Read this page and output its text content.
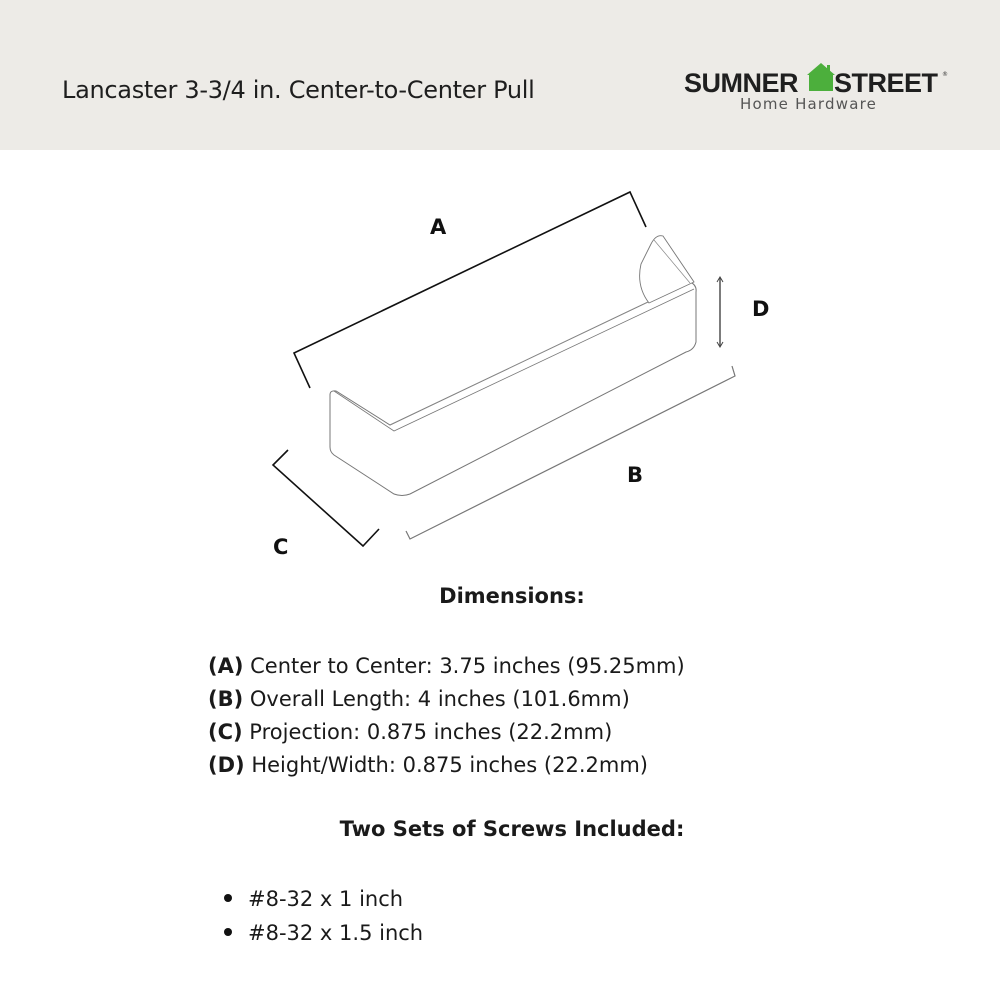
Lancaster 3-3/4 in. Center-to-Center Pull	SUMNER STREET ®
Home Hardware
A
D
B
C
Dimensions:
(A) Center to Center: 3.75 inches (95.25mm)
(B) Overall Length: 4 inches (101.6mm)
(C) Projection: 0.875 inches (22.2mm)
(D) Height/Width: 0.875 inches (22.2mm)
Two Sets of Screws Included:
#8-32 x 1 inch
#8-32 x 1.5 inch
